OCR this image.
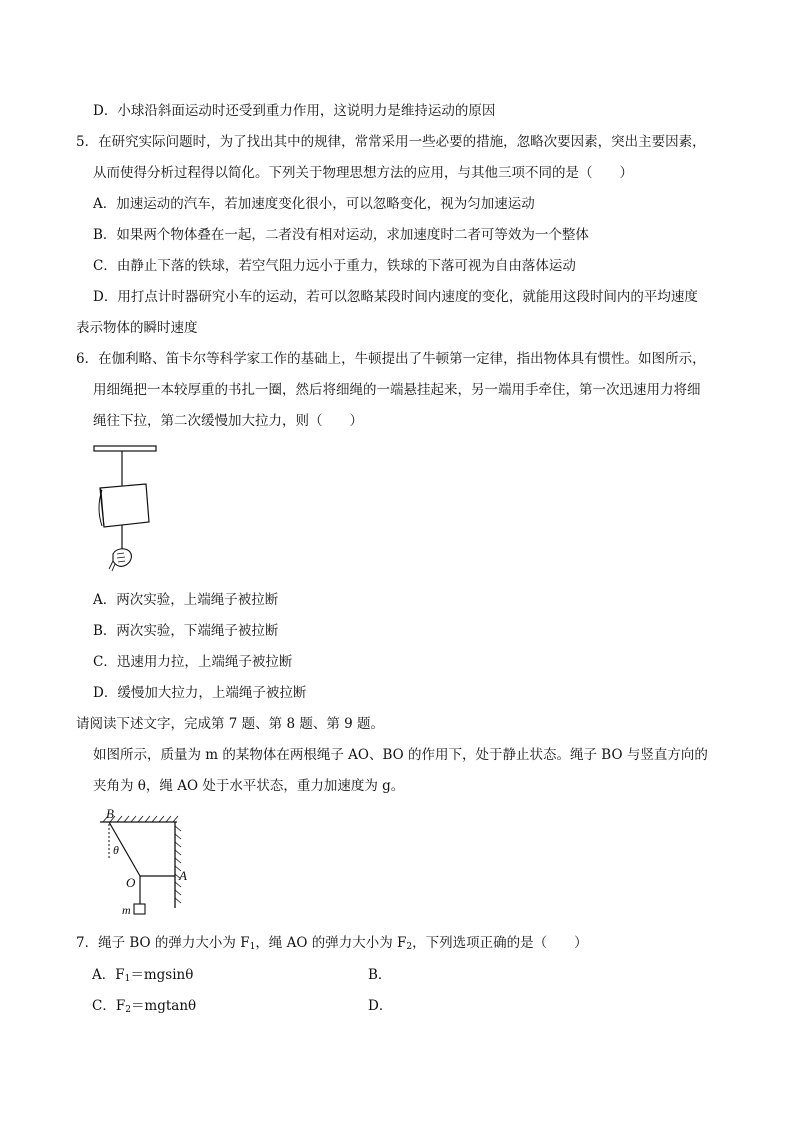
D．小球沿斜面运动时还受到重力作用，这说明力是维持运动的原因
5．在研究实际问题时，为了找出其中的规律，常常采用一些必要的措施，忽略次要因素，突出主要因素，
从而使得分析过程得以简化。下列关于物理思想方法的应用，与其他三项不同的是（　　）
A．加速运动的汽车，若加速度变化很小，可以忽略变化，视为匀加速运动
B．如果两个物体叠在一起，二者没有相对运动，求加速度时二者可等效为一个整体
C．由静止下落的铁球，若空气阻力远小于重力，铁球的下落可视为自由落体运动
D．用打点计时器研究小车的运动，若可以忽略某段时间内速度的变化，就能用这段时间内的平均速度
表示物体的瞬时速度
6．在伽利略、笛卡尔等科学家工作的基础上，牛顿提出了牛顿第一定律，指出物体具有惯性。如图所示，
用细绳把一本较厚重的书扎一圈，然后将细绳的一端悬挂起来，另一端用手牵住，第一次迅速用力将细
绳往下拉，第二次缓慢加大拉力，则（　　）
A．两次实验，上端绳子被拉断
B．两次实验，下端绳子被拉断
C．迅速用力拉，上端绳子被拉断
D．缓慢加大拉力，上端绳子被拉断
请阅读下述文字，完成第 7 题、第 8 题、第 9 题。
如图所示，质量为 m 的某物体在两根绳子 AO、BO 的作用下，处于静止状态。绳子 BO 与竖直方向的
夹角为 θ，绳 AO 处于水平状态，重力加速度为 g。
B
θ
O	A
m
7．绳子 BO 的弹力大小为 $F_1$，绳 AO 的弹力大小为 $F_2$，下列选项正确的是（　　）
A．$F_1=mgsin\theta$	B．
C．$F_2=mgtan\theta$	D．
